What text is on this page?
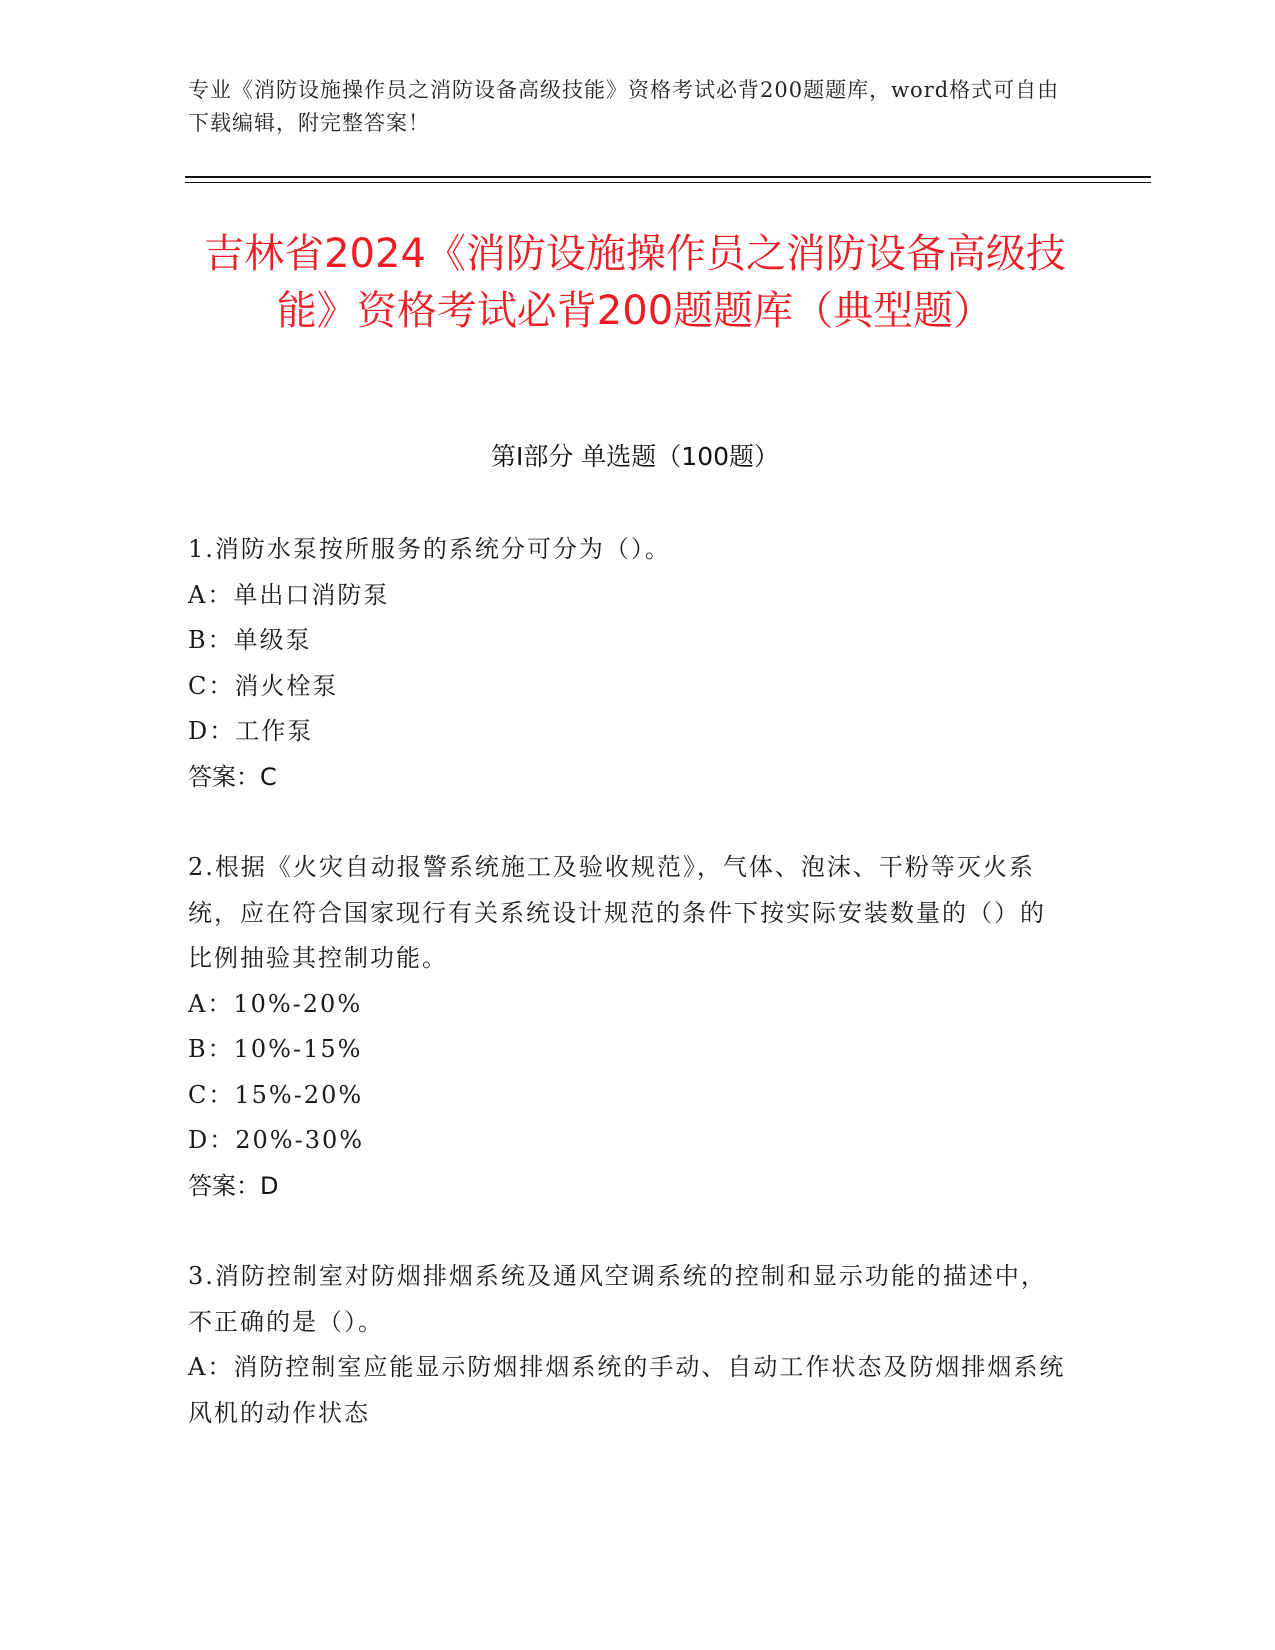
专业《消防设施操作员之消防设备高级技能》资格考试必背200题题库，word格式可自由下载编辑，附完整答案！
吉林省2024《消防设施操作员之消防设备高级技能》资格考试必背200题题库（典型题）
第Ⅰ部分 单选题（100题）
1.消防水泵按所服务的系统分可分为（）。
A：单出口消防泵
B：单级泵
C：消火栓泵
D：工作泵
答案：C
2.根据《火灾自动报警系统施工及验收规范》，气体、泡沫、干粉等灭火系统，应在符合国家现行有关系统设计规范的条件下按实际安装数量的（）的比例抽验其控制功能。
A：10%-20%
B：10%-15%
C：15%-20%
D：20%-30%
答案：D
3.消防控制室对防烟排烟系统及通风空调系统的控制和显示功能的描述中，不正确的是（）。
A：消防控制室应能显示防烟排烟系统的手动、自动工作状态及防烟排烟系统风机的动作状态
